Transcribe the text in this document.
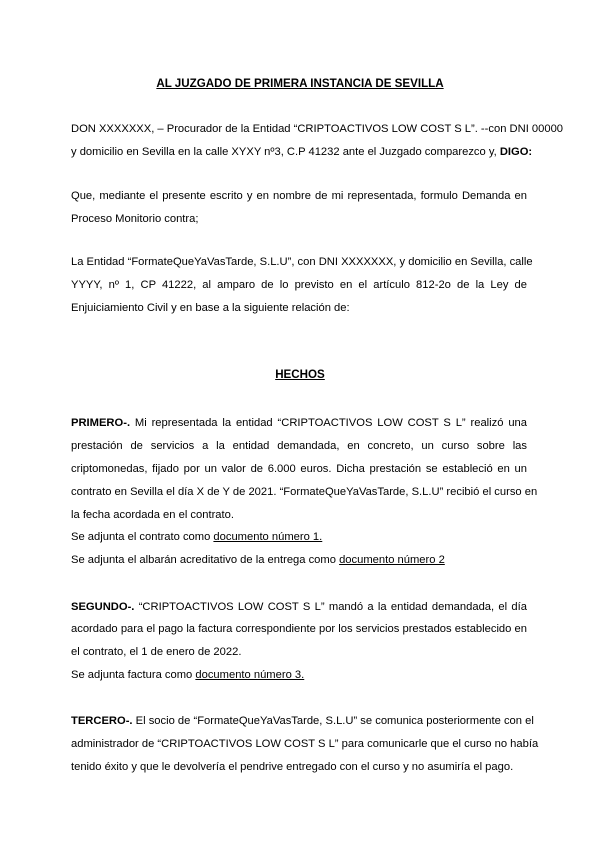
AL JUZGADO DE PRIMERA INSTANCIA DE SEVILLA
DON XXXXXXX, – Procurador de la Entidad “CRIPTOACTIVOS LOW COST S L”. --con DNI 00000
y domicilio en Sevilla en la calle XYXY nº3, C.P 41232 ante el Juzgado comparezco y, DIGO:
Que, mediante el presente escrito y en nombre de mi representada, formulo Demanda en
Proceso Monitorio contra;
La Entidad “FormateQueYaVasTarde, S.L.U”, con DNI XXXXXXX, y domicilio en Sevilla, calle
YYYY, nº 1, CP 41222, al amparo de lo previsto en el artículo 812-2o de la Ley de
Enjuiciamiento Civil y en base a la siguiente relación de:
HECHOS
PRIMERO-. Mi representada la entidad “CRIPTOACTIVOS LOW COST S L” realizó una
prestación de servicios a la entidad demandada, en concreto, un curso sobre las
criptomonedas, fijado por un valor de 6.000 euros. Dicha prestación se estableció en un
contrato en Sevilla el día X de Y de 2021. “FormateQueYaVasTarde, S.L.U” recibió el curso en
la fecha acordada en el contrato.
Se adjunta el contrato como documento número 1.
Se adjunta el albarán acreditativo de la entrega como documento número 2
SEGUNDO-. “CRIPTOACTIVOS LOW COST S L” mandó a la entidad demandada, el día
acordado para el pago la factura correspondiente por los servicios prestados establecido en
el contrato, el 1 de enero de 2022.
Se adjunta factura como documento número 3.
TERCERO-. El socio de “FormateQueYaVasTarde, S.L.U” se comunica posteriormente con el
administrador de “CRIPTOACTIVOS LOW COST S L” para comunicarle que el curso no había
tenido éxito y que le devolvería el pendrive entregado con el curso y no asumiría el pago.
